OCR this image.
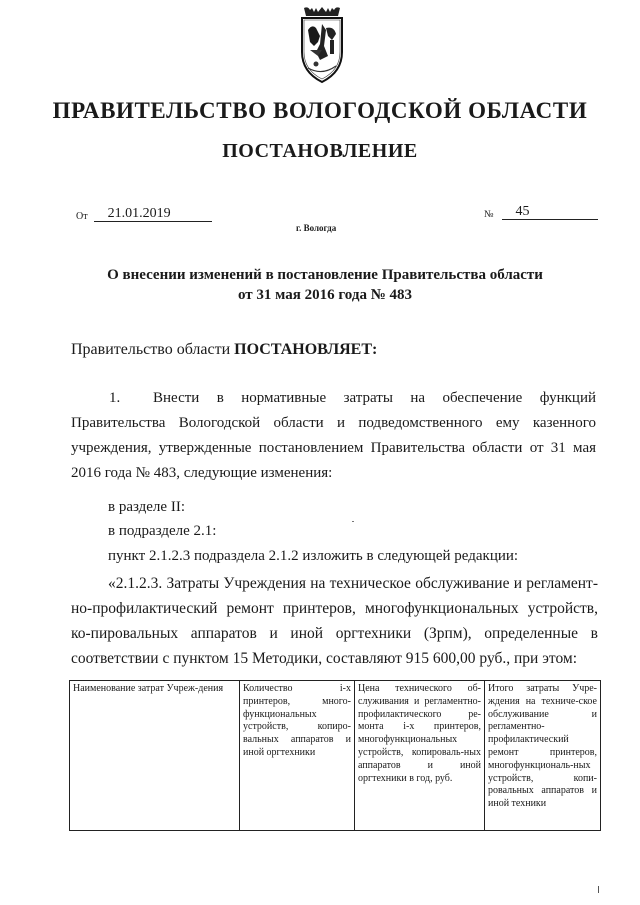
ПРАВИТЕЛЬСТВО ВОЛОГОДСКОЙ ОБЛАСТИ
ПОСТАНОВЛЕНИЕ
От	21.01.2019	№	45
г. Вологда
О внесении изменений в постановление Правительства области
от 31 мая 2016 года № 483
Правительство области ПОСТАНОВЛЯЕТ:
1. Внести в нормативные затраты на обеспечение функций Правительства Вологодской области и подведомственного ему казенного учреждения, утвержденные постановлением Правительства области от 31 мая 2016 года № 483, следующие изменения:
в разделе II:
в подразделе 2.1:
пункт 2.1.2.3 подраздела 2.1.2 изложить в следующей редакции:
«2.1.2.3. Затраты Учреждения на техническое обслуживание и регламент-но-профилактический ремонт принтеров, многофункциональных устройств, ко-пировальных аппаратов и иной оргтехники (Зрпм), определенные в соответствии с пунктом 15 Методики, составляют 915 600,00 руб., при этом:
Наименование затрат Учреж-дения	Количество i-х принтеров, много-функциональных устройств, копиро-вальных аппаратов и иной оргтехники	Цена технического об-служивания и регламентно-профилактического ре-монта i-х принтеров, многофункциональных устройств, копироваль-ных аппаратов и иной оргтехники в год, руб.	Итого затраты Учре-ждения на техниче-ское обслуживание и регламентно-профилактический ремонт принтеров, многофункциональ-ных устройств, копи-ровальных аппаратов и иной техники
